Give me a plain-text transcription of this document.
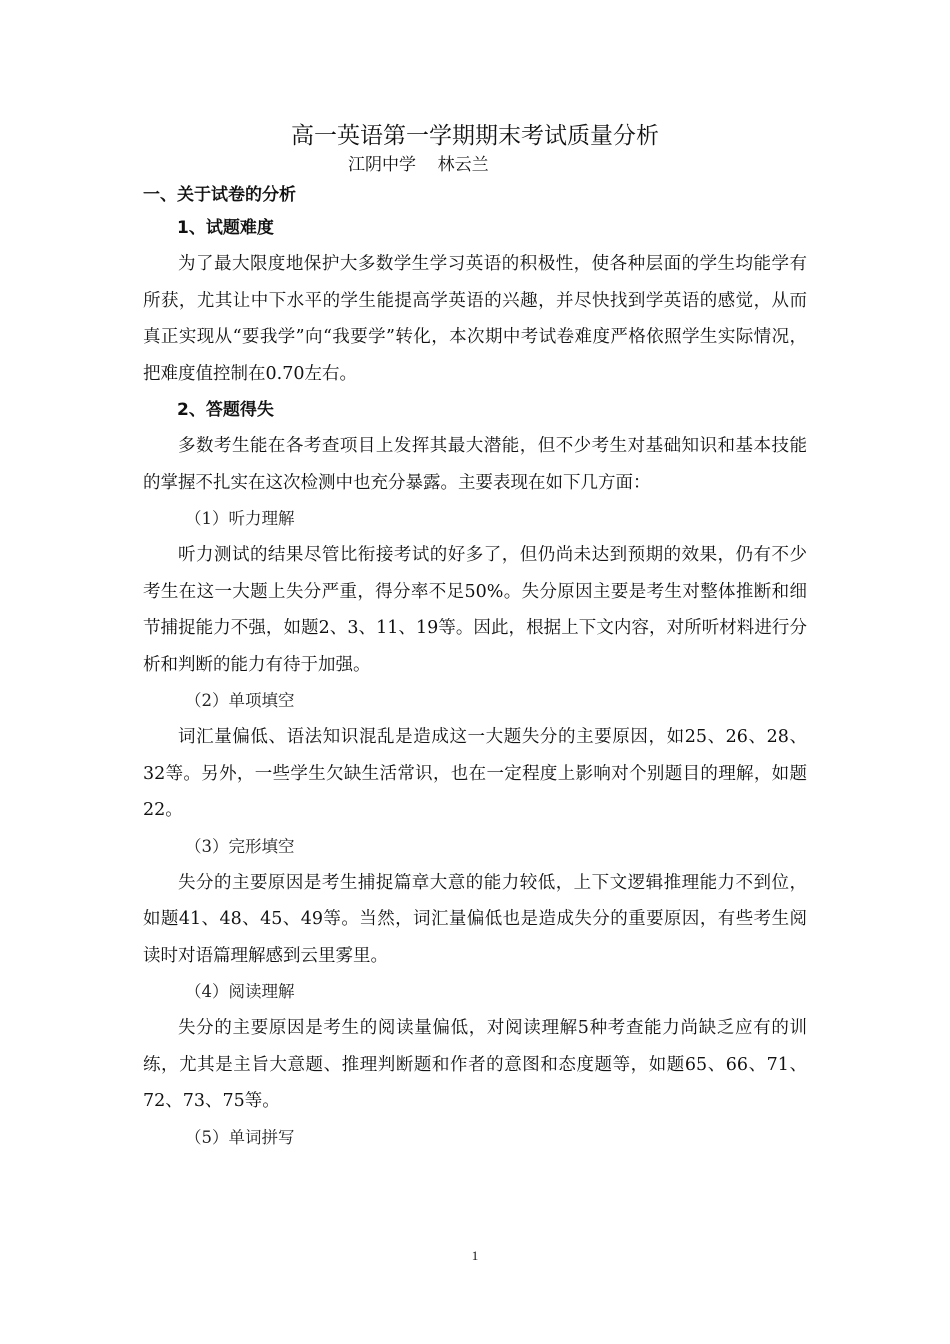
高一英语第一学期期末考试质量分析

江阴中学    林云兰

一、关于试卷的分析

1、试题难度

为了最大限度地保护大多数学生学习英语的积极性，使各种层面的学生均能学有所获，尤其让中下水平的学生能提高学英语的兴趣，并尽快找到学英语的感觉，从而真正实现从“要我学”向“我要学”转化，本次期中考试卷难度严格依照学生实际情况，把难度值控制在0.70左右。

2、答题得失

多数考生能在各考查项目上发挥其最大潜能，但不少考生对基础知识和基本技能的掌握不扎实在这次检测中也充分暴露。主要表现在如下几方面：

（1）听力理解

听力测试的结果尽管比衔接考试的好多了，但仍尚未达到预期的效果，仍有不少考生在这一大题上失分严重，得分率不足50%。失分原因主要是考生对整体推断和细节捕捉能力不强，如题2、3、11、19等。因此，根据上下文内容，对所听材料进行分析和判断的能力有待于加强。

（2）单项填空

词汇量偏低、语法知识混乱是造成这一大题失分的主要原因，如25、26、28、32等。另外，一些学生欠缺生活常识，也在一定程度上影响对个别题目的理解，如题22。

（3）完形填空

失分的主要原因是考生捕捉篇章大意的能力较低，上下文逻辑推理能力不到位，如题41、48、45、49等。当然，词汇量偏低也是造成失分的重要原因，有些考生阅读时对语篇理解感到云里雾里。

（4）阅读理解

失分的主要原因是考生的阅读量偏低，对阅读理解5种考查能力尚缺乏应有的训练，尤其是主旨大意题、推理判断题和作者的意图和态度题等，如题65、66、71、72、73、75等。

（5）单词拼写

1
